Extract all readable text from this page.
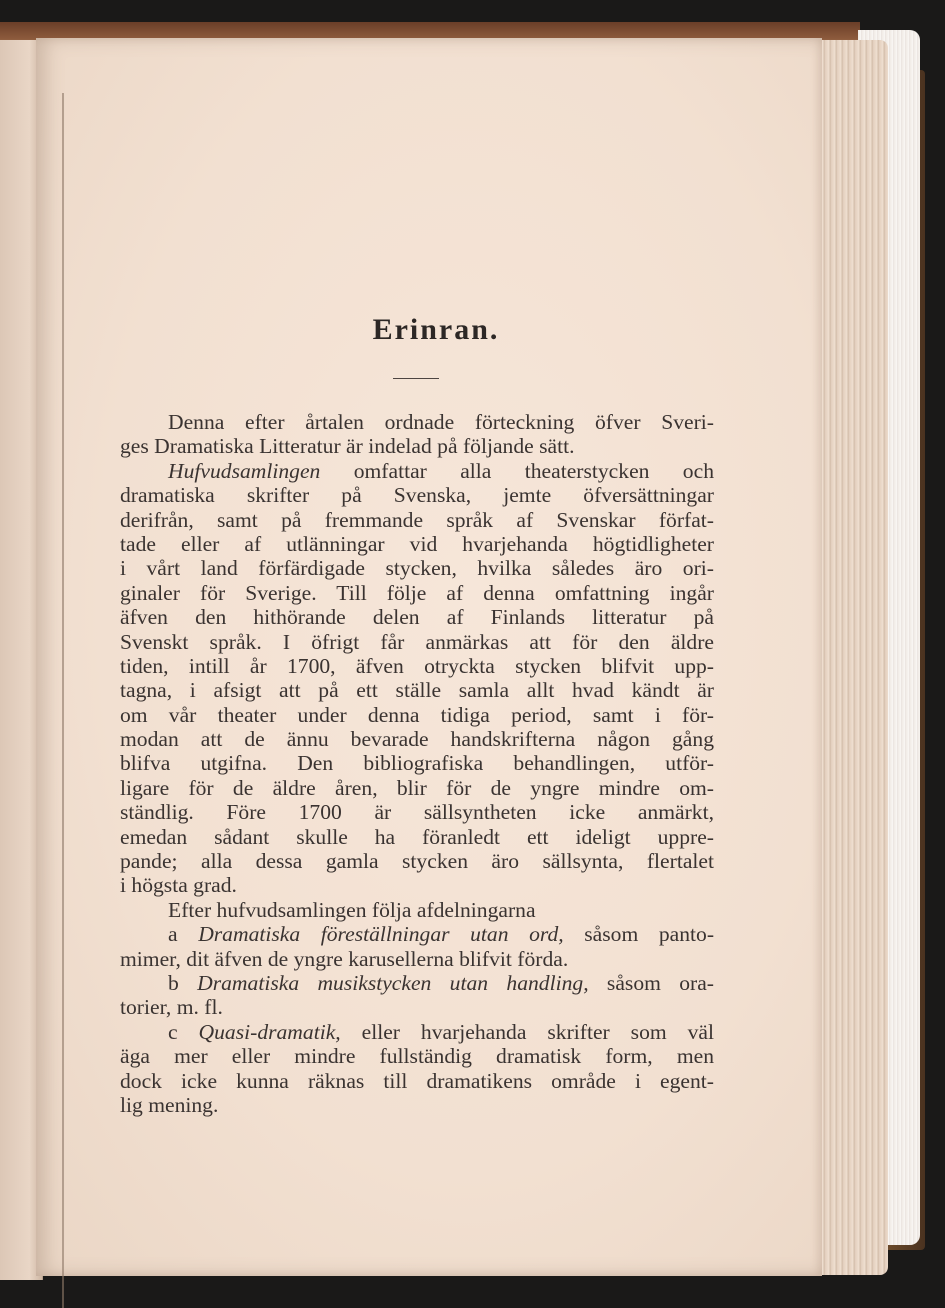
Erinran.
Denna efter årtalen ordnade förteckning öfver Sveri-
ges Dramatiska Litteratur är indelad på följande sätt.
Hufvudsamlingen omfattar alla theaterstycken och
dramatiska skrifter på Svenska, jemte öfversättningar
derifrån, samt på fremmande språk af Svenskar förfat-
tade eller af utlänningar vid hvarjehanda högtidligheter
i vårt land förfärdigade stycken, hvilka således äro ori-
ginaler för Sverige. Till följe af denna omfattning ingår
äfven den hithörande delen af Finlands litteratur på
Svenskt språk. I öfrigt får anmärkas att för den äldre
tiden, intill år 1700, äfven otryckta stycken blifvit upp-
tagna, i afsigt att på ett ställe samla allt hvad kändt är
om vår theater under denna tidiga period, samt i för-
modan att de ännu bevarade handskrifterna någon gång
blifva utgifna. Den bibliografiska behandlingen, utför-
ligare för de äldre åren, blir för de yngre mindre om-
ständlig. Före 1700 är sällsyntheten icke anmärkt,
emedan sådant skulle ha föranledt ett ideligt uppre-
pande; alla dessa gamla stycken äro sällsynta, flertalet
i högsta grad.
Efter hufvudsamlingen följa afdelningarna
a Dramatiska föreställningar utan ord, såsom panto-
mimer, dit äfven de yngre karusellerna blifvit förda.
b Dramatiska musikstycken utan handling, såsom ora-
torier, m. fl.
c Quasi-dramatik, eller hvarjehanda skrifter som väl
äga mer eller mindre fullständig dramatisk form, men
dock icke kunna räknas till dramatikens område i egent-
lig mening.
